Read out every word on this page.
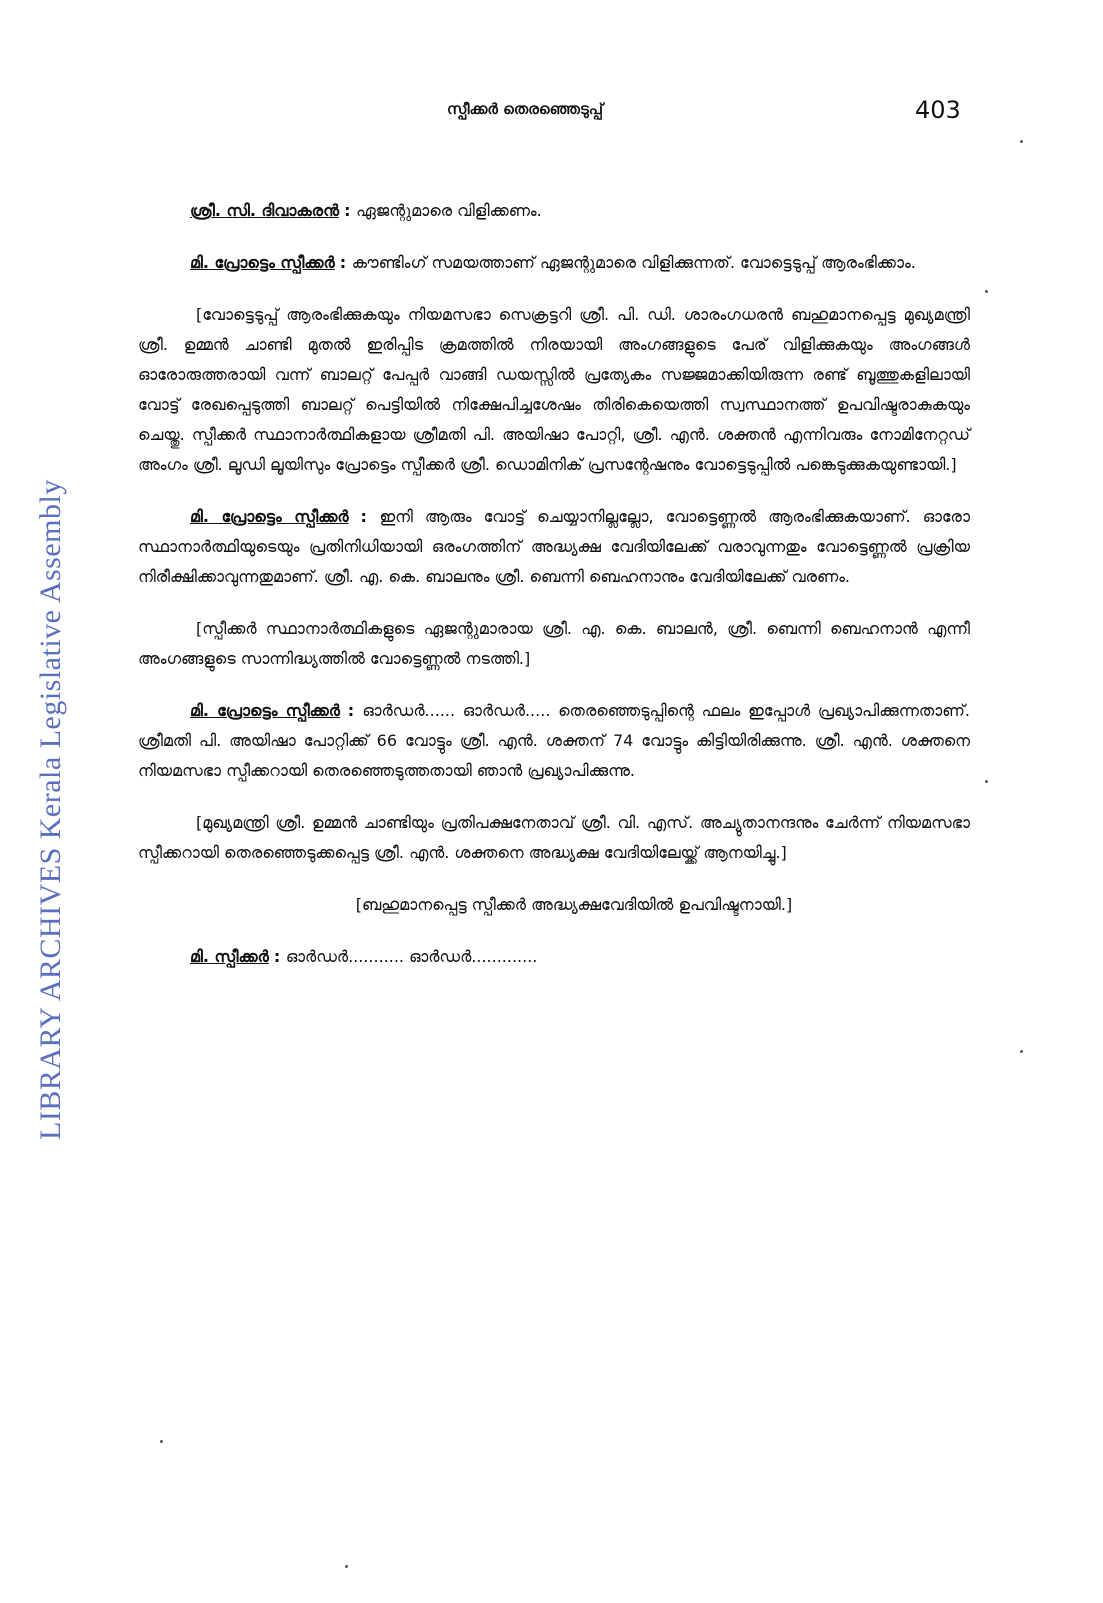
LIBRARY ARCHIVES Kerala Legislative Assembly
സ്പീക്കർ തെരഞ്ഞെടുപ്പ്	403

ശ്രീ. സി. ദിവാകരൻ : ഏജന്റുമാരെ വിളിക്കണം.

മി. പ്രോട്ടെം സ്പീക്കർ : കൗണ്ടിംഗ് സമയത്താണ് ഏജന്റുമാരെ വിളിക്കുന്നത്. വോട്ടെടുപ്പ് ആരംഭിക്കാം.

[വോട്ടെടുപ്പ് ആരംഭിക്കുകയും നിയമസഭാ സെക്രട്ടറി ശ്രീ. പി. ഡി. ശാരംഗധരൻ ബഹുമാനപ്പെട്ട മുഖ്യമന്ത്രി ശ്രീ. ഉമ്മൻ ചാണ്ടി മുതൽ ഇരിപ്പിട ക്രമത്തിൽ നിരയായി അംഗങ്ങളുടെ പേര് വിളിക്കുകയും അംഗങ്ങൾ ഓരോരുത്തരായി വന്ന് ബാലറ്റ് പേപ്പർ വാങ്ങി ഡയസ്സിൽ പ്രത്യേകം സജ്ജമാക്കിയിരുന്ന രണ്ട് ബൂത്തുകളിലായി വോട്ട് രേഖപ്പെടുത്തി ബാലറ്റ് പെട്ടിയിൽ നിക്ഷേപിച്ചശേഷം തിരികെയെത്തി സ്വസ്ഥാനത്ത് ഉപവിഷ്ടരാകുകയും ചെയ്തു. സ്പീക്കർ സ്ഥാനാർത്ഥികളായ ശ്രീമതി പി. അയിഷാ പോറ്റി, ശ്രീ. എൻ. ശക്തൻ എന്നിവരും നോമിനേറ്റഡ് അംഗം ശ്രീ. ലൂഡി ലൂയിസും പ്രോട്ടെം സ്പീക്കർ ശ്രീ. ഡൊമിനിക് പ്രസന്റേഷനും വോട്ടെടുപ്പിൽ പങ്കെടുക്കുകയുണ്ടായി.]

മി. പ്രോട്ടെം സ്പീക്കർ : ഇനി ആരും വോട്ട് ചെയ്യാനില്ലല്ലോ, വോട്ടെണ്ണൽ ആരംഭിക്കുകയാണ്. ഓരോ സ്ഥാനാർത്ഥിയുടെയും പ്രതിനിധിയായി ഒരംഗത്തിന് അദ്ധ്യക്ഷ വേദിയിലേക്ക് വരാവുന്നതും വോട്ടെണ്ണൽ പ്രക്രിയ നിരീക്ഷിക്കാവുന്നതുമാണ്. ശ്രീ. എ. കെ. ബാലനും ശ്രീ. ബെന്നി ബെഹനാനും വേദിയിലേക്ക് വരണം.

[സ്പീക്കർ സ്ഥാനാർത്ഥികളുടെ ഏജന്റുമാരായ ശ്രീ. എ. കെ. ബാലൻ, ശ്രീ. ബെന്നി ബെഹനാൻ എന്നീ അംഗങ്ങളുടെ സാന്നിദ്ധ്യത്തിൽ വോട്ടെണ്ണൽ നടത്തി.]

മി. പ്രോട്ടെം സ്പീക്കർ : ഓർഡർ...... ഓർഡർ..... തെരഞ്ഞെടുപ്പിന്റെ ഫലം ഇപ്പോൾ പ്രഖ്യാപിക്കുന്നതാണ്. ശ്രീമതി പി. അയിഷാ പോറ്റിക്ക് 66 വോട്ടും ശ്രീ. എൻ. ശക്തന് 74 വോട്ടും കിട്ടിയിരിക്കുന്നു. ശ്രീ. എൻ. ശക്തനെ നിയമസഭാ സ്പീക്കറായി തെരഞ്ഞെടുത്തതായി ഞാൻ പ്രഖ്യാപിക്കുന്നു.

[മുഖ്യമന്ത്രി ശ്രീ. ഉമ്മൻ ചാണ്ടിയും പ്രതിപക്ഷനേതാവ് ശ്രീ. വി. എസ്. അച്യുതാനന്ദനും ചേർന്ന് നിയമസഭാ സ്പീക്കറായി തെരഞ്ഞെടുക്കപ്പെട്ട ശ്രീ. എൻ. ശക്തനെ അദ്ധ്യക്ഷ വേദിയിലേയ്ക്ക് ആനയിച്ചു.]

[ബഹുമാനപ്പെട്ട സ്പീക്കർ അദ്ധ്യക്ഷവേദിയിൽ ഉപവിഷ്ടനായി.]

മി. സ്പീക്കർ : ഓർഡർ........... ഓർഡർ.............
